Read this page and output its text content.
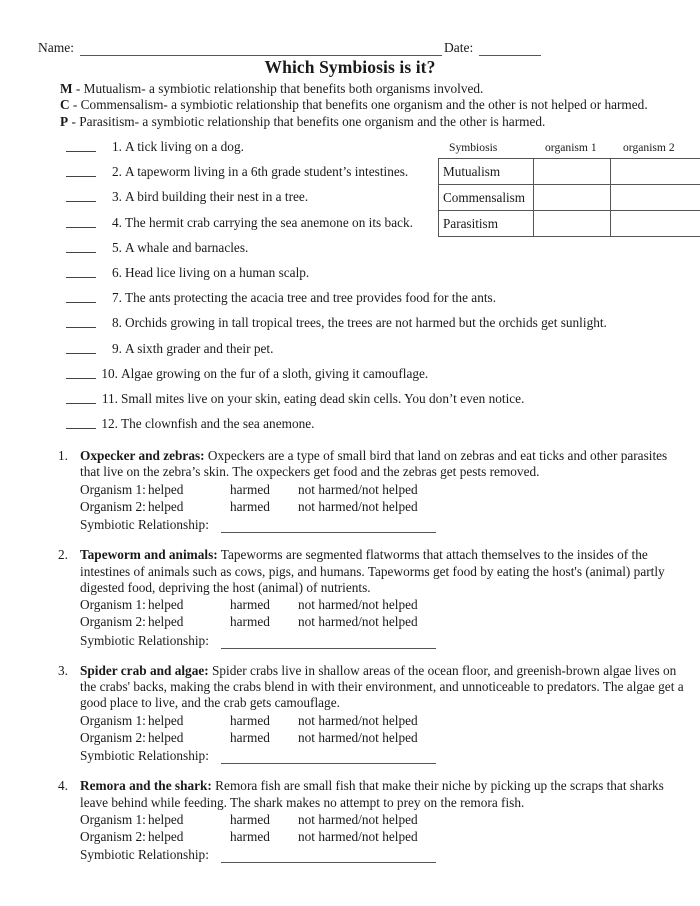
Name:	Date:
Which Symbiosis is it?
M - Mutualism- a symbiotic relationship that benefits both organisms involved.
C - Commensalism- a symbiotic relationship that benefits one organism and the other is not helped or harmed.
P - Parasitism- a symbiotic relationship that benefits one organism and the other is harmed.
1. A tick living on a dog.
2. A tapeworm living in a 6th grade student’s intestines.
3. A bird building their nest in a tree.
4. The hermit crab carrying the sea anemone on its back.
5. A whale and barnacles.
6. Head lice living on a human scalp.
7. The ants protecting the acacia tree and tree provides food for the ants.
8. Orchids growing in tall tropical trees, the trees are not harmed but the orchids get sunlight.
9. A sixth grader and their pet.
10. Algae growing on the fur of a sloth, giving it camouflage.
11. Small mites live on your skin, eating dead skin cells. You don’t even notice.
12. The clownfish and the sea anemone.
Symbiosis	organism 1	organism 2
Mutualism
Commensalism
Parasitism
1. Oxpecker and zebras: Oxpeckers are a type of small bird that land on zebras and eat ticks and other parasites that live on the zebra’s skin. The oxpeckers get food and the zebras get pests removed.
Organism 1: helped	harmed	not harmed/not helped
Organism 2: helped	harmed	not harmed/not helped
Symbiotic Relationship:
2. Tapeworm and animals: Tapeworms are segmented flatworms that attach themselves to the insides of the intestines of animals such as cows, pigs, and humans. Tapeworms get food by eating the host's (animal) partly digested food, depriving the host (animal) of nutrients.
Organism 1: helped	harmed	not harmed/not helped
Organism 2: helped	harmed	not harmed/not helped
Symbiotic Relationship:
3. Spider crab and algae: Spider crabs live in shallow areas of the ocean floor, and greenish-brown algae lives on the crabs' backs, making the crabs blend in with their environment, and unnoticeable to predators. The algae get a good place to live, and the crab gets camouflage.
Organism 1: helped	harmed	not harmed/not helped
Organism 2: helped	harmed	not harmed/not helped
Symbiotic Relationship:
4. Remora and the shark: Remora fish are small fish that make their niche by picking up the scraps that sharks leave behind while feeding. The shark makes no attempt to prey on the remora fish.
Organism 1: helped	harmed	not harmed/not helped
Organism 2: helped	harmed	not harmed/not helped
Symbiotic Relationship:
